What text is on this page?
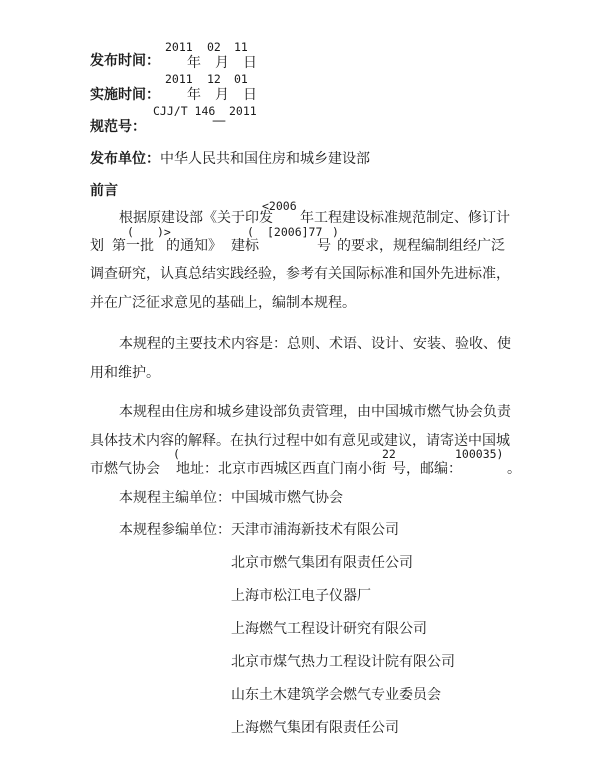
2011 02 11
发布时间： 年 月 日
2011 12 01
实施时间： 年 月 日
CJJ/T 146 2011
规范号：	—
发布单位：中华人民共和国住房和城乡建设部
前言
<2006
根据原建设部《关于印发 年工程建设标准规范制定、修订计
( )>	( [2006]77 )
划 第一批 的通知》 建标	号 的要求，规程编制组经广泛
调查研究，认真总结实践经验，参考有关国际标准和国外先进标准，
并在广泛征求意见的基础上，编制本规程。
本规程的主要技术内容是：总则、术语、设计、安装、验收、使
用和维护。
本规程由住房和城乡建设部负责管理，由中国城市燃气协会负责
具体技术内容的解释。在执行过程中如有意见或建议，请寄送中国城
(	22	100035)
市燃气协会 地址：北京市西城区西直门南小街 号，邮编：	。
本规程主编单位：中国城市燃气协会
本规程参编单位： 天津市浦海新技术有限公司
北京市燃气集团有限责任公司
上海市松江电子仪器厂
上海燃气工程设计研究有限公司
北京市煤气热力工程设计院有限公司
山东土木建筑学会燃气专业委员会
上海燃气集团有限责任公司
